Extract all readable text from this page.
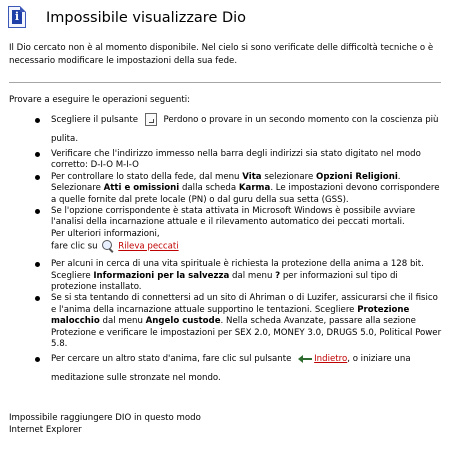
i Impossibile visualizzare Dio
Il Dio cercato non è al momento disponibile. Nel cielo si sono verificate delle difficoltà tecniche o è necessario modificare le impostazioni della sua fede.
Provare a eseguire le operazioni seguenti:
Scegliere il pulsante	Perdono o provare in un secondo momento con la coscienza più pulita.
Verificare che l'indirizzo immesso nella barra degli indirizzi sia stato digitato nel modo corretto: D-I-O M-I-O
Per controllare lo stato della fede, dal menu Vita selezionare Opzioni Religioni. Selezionare Atti e omissioni dalla scheda Karma. Le impostazioni devono corrispondere a quelle fornite dal prete locale (PN) o dal guru della sua setta (GSS).
Se l'opzione corrispondente è stata attivata in Microsoft Windows è possibile avviare l'analisi della incarnazione attuale e il rilevamento automatico dei peccati mortali.
Per ulteriori informazioni,
fare clic su Rileva peccati
Per alcuni in cerca di una vita spirituale è richiesta la protezione della anima a 128 bit. Scegliere Informazioni per la salvezza dal menu ? per informazioni sul tipo di protezione installato.
Se si sta tentando di connettersi ad un sito di Ahriman o di Luzifer, assicurarsi che il fisico e l'anima della incarnazione attuale supportino le tentazioni. Scegliere Protezione malocchio dal menu Angelo custode. Nella scheda Avanzate, passare alla sezione Protezione e verificare le impostazioni per SEX 2.0, MONEY 3.0, DRUGS 5.0, Political Power 5.8.
Per cercare un altro stato d'anima, fare clic sul pulsante	Indietro, o iniziare una meditazione sulle stronzate nel mondo.
Impossibile raggiungere DIO in questo modo
Internet Explorer
